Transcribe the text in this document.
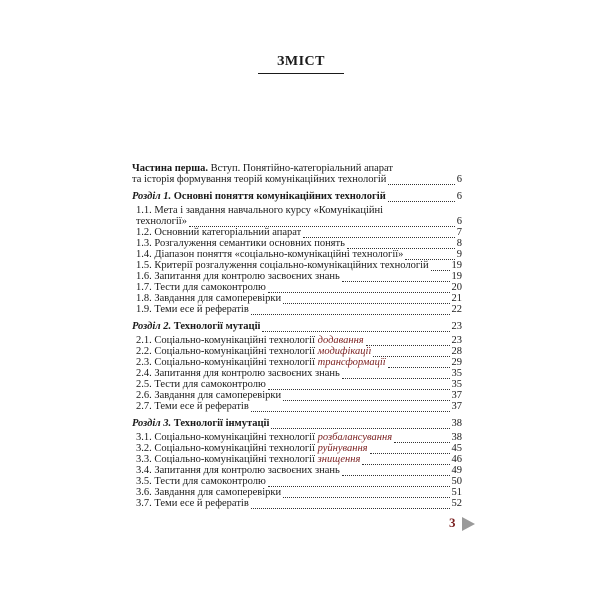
ЗМІСТ
Частина перша. Вступ. Понятійно-категоріальний апарат
та історія формування теорій комунікаційних технологій	6
Розділ 1. Основні поняття комунікаційних технологій	6
1.1. Мета і завдання навчального курсу «Комунікаційні
технології»	6
1.2. Основний категоріальний апарат	7
1.3. Розгалуження семантики основних понять	8
1.4. Діапазон поняття «соціально-комунікаційні технології»	9
1.5. Критерії розгалуження соціально-комунікаційних технологій 19
1.6. Запитання для контролю засвоєних знань	19
1.7. Тести для самоконтролю	20
1.8. Завдання для самоперевірки	21
1.9. Теми есе й рефератів	22
Розділ 2. Технології мутації	23
2.1. Соціально-комунікаційні технології додавання	23
2.2. Соціально-комунікаційні технології модифікації	28
2.3. Соціально-комунікаційні технології трансформації	29
2.4. Запитання для контролю засвоєних знань	35
2.5. Тести для самоконтролю	35
2.6. Завдання для самоперевірки	37
2.7. Теми есе й рефератів	37
Розділ 3. Технології інмутації	38
3.1. Соціально-комунікаційні технології розбалансування	38
3.2. Соціально-комунікаційні технології руйнування	45
3.3. Соціально-комунікаційні технології знищення	46
3.4. Запитання для контролю засвоєних знань	49
3.5. Тести для самоконтролю	50
3.6. Завдання для самоперевірки	51
3.7. Теми есе й рефератів	52
3
